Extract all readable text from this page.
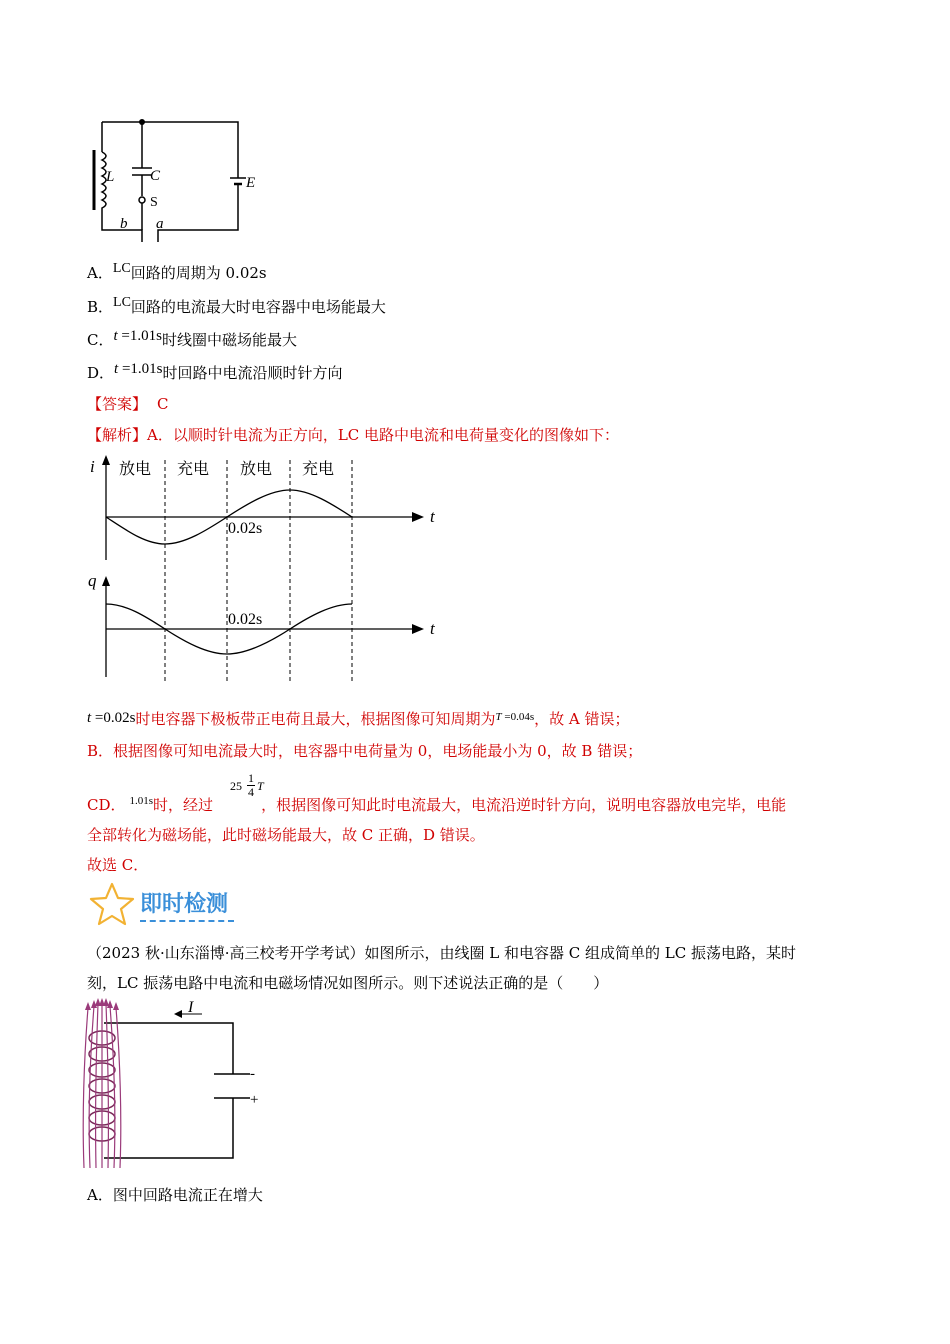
L C
S
E
b a
A．LC回路的周期为 0.02s
B．LC回路的电流最大时电容器中电场能最大
C．t =1.01s时线圈中磁场能最大
D．t =1.01s时回路中电流沿顺时针方向
【答案】 C
【解析】A．以顺时针电流为正方向，LC 电路中电流和电荷量变化的图像如下：
i
q
t
t
放电 充电 放电 充电
0.02s
0.02s
t =0.02s时电容器下极板带正电荷且最大，根据图像可知周期为$^{T =0.04s}$，故 A 错误；
B．根据图像可知电流最大时，电容器中电荷量为 0，电场能最小为 0，故 B 错误；
$25 \frac{1}{4}$ T
CD． $^{1.01s}$时，经过	，根据图像可知此时电流最大，电流沿逆时针方向，说明电容器放电完毕，电能
全部转化为磁场能，此时磁场能最大，故 C 正确，D 错误。
故选 C．
即时检测
（2023 秋·山东淄博·高三校考开学考试）如图所示，由线圈 L 和电容器 C 组成简单的 LC 振荡电路，某时
刻，LC 振荡电路中电流和电磁场情况如图所示。则下述说法正确的是（　　）
I
-
+
A．图中回路电流正在增大
